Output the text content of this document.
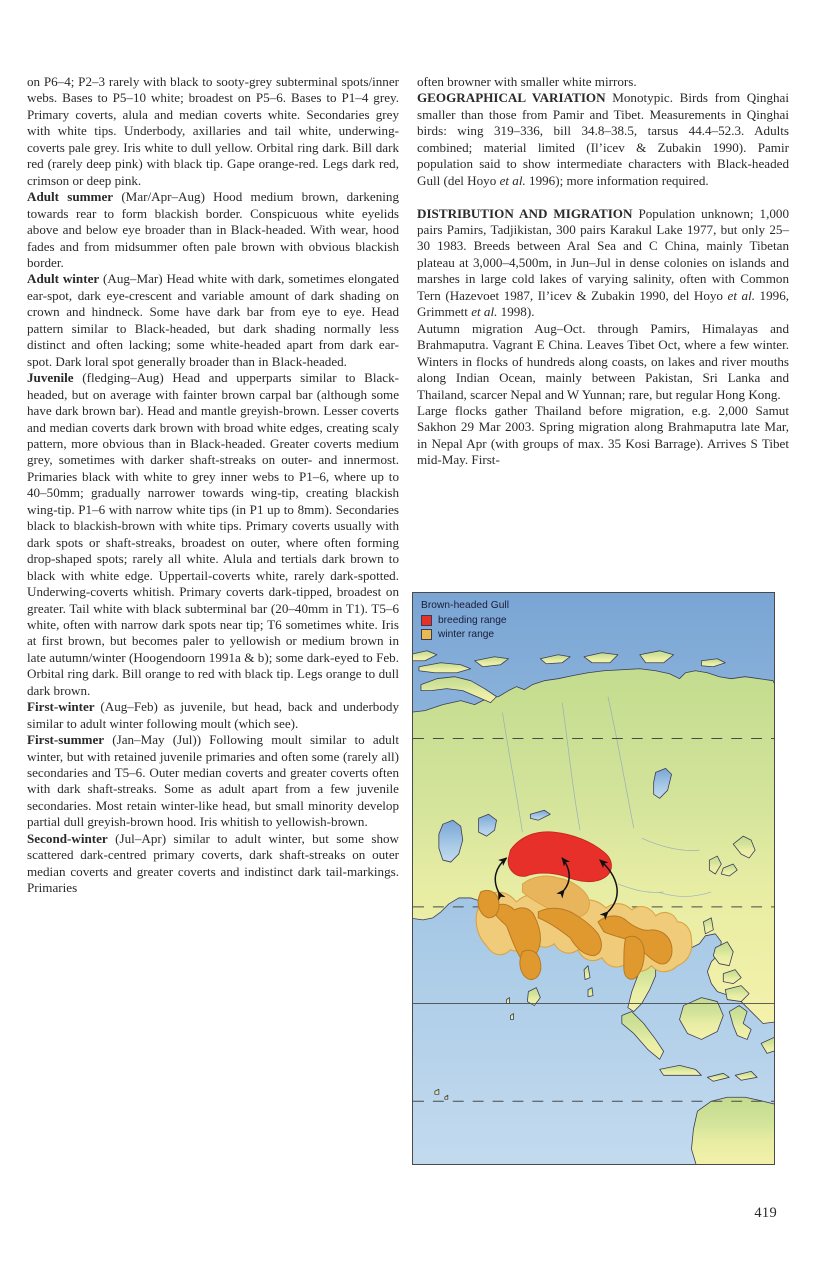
on P6–4; P2–3 rarely with black to sooty-grey subterminal spots/inner webs. Bases to P5–10 white; broadest on P5–6. Bases to P1–4 grey. Primary coverts, alula and median coverts white. Secondaries grey with white tips. Underbody, axillaries and tail white, underwing-coverts pale grey. Iris white to dull yellow. Orbital ring dark. Bill dark red (rarely deep pink) with black tip. Gape orange-red. Legs dark red, crimson or deep pink.

Adult summer (Mar/Apr–Aug) Hood medium brown, darkening towards rear to form blackish border. Conspicuous white eyelids above and below eye broader than in Black-headed. With wear, hood fades and from midsummer often pale brown with obvious blackish border.

Adult winter (Aug–Mar) Head white with dark, sometimes elongated ear-spot, dark eye-crescent and variable amount of dark shading on crown and hindneck. Some have dark bar from eye to eye. Head pattern similar to Black-headed, but dark shading normally less distinct and often lacking; some white-headed apart from dark ear-spot. Dark loral spot generally broader than in Black-headed.

Juvenile (fledging–Aug) Head and upperparts similar to Black-headed, but on average with fainter brown carpal bar (although some have dark brown bar). Head and mantle greyish-brown. Lesser coverts and median coverts dark brown with broad white edges, creating scaly pattern, more obvious than in Black-headed. Greater coverts medium grey, sometimes with darker shaft-streaks on outer- and innermost. Primaries black with white to grey inner webs to P1–6, where up to 40–50mm; gradually narrower towards wing-tip, creating blackish wing-tip. P1–6 with narrow white tips (in P1 up to 8mm). Secondaries black to blackish-brown with white tips. Primary coverts usually with dark spots or shaft-streaks, broadest on outer, where often forming drop-shaped spots; rarely all white. Alula and tertials dark brown to black with white edge. Uppertail-coverts white, rarely dark-spotted. Underwing-coverts whitish. Primary coverts dark-tipped, broadest on greater. Tail white with black subterminal bar (20–40mm in T1). T5–6 white, often with narrow dark spots near tip; T6 sometimes white. Iris at first brown, but becomes paler to yellowish or medium brown in late autumn/winter (Hoogendoorn 1991a & b); some dark-eyed to Feb. Orbital ring dark. Bill orange to red with black tip. Legs orange to dull dark brown.

First-winter (Aug–Feb) as juvenile, but head, back and underbody similar to adult winter following moult (which see).

First-summer (Jan–May (Jul)) Following moult similar to adult winter, but with retained juvenile primaries and often some (rarely all) secondaries and T5–6. Outer median coverts and greater coverts often with dark shaft-streaks. Some as adult apart from a few juvenile secondaries. Most retain winter-like head, but small minority develop partial dull greyish-brown hood. Iris whitish to yellowish-brown.

Second-winter (Jul–Apr) similar to adult winter, but some show scattered dark-centred primary coverts, dark shaft-streaks on outer median coverts and greater coverts and indistinct dark tail-markings. Primaries

often browner with smaller white mirrors.

GEOGRAPHICAL VARIATION Monotypic. Birds from Qinghai smaller than those from Pamir and Tibet. Measurements in Qinghai birds: wing 319–336, bill 34.8–38.5, tarsus 44.4–52.3. Adults combined; material limited (Il’icev & Zubakin 1990). Pamir population said to show intermediate characters with Black-headed Gull (del Hoyo et al. 1996); more information required.

DISTRIBUTION AND MIGRATION Population unknown; 1,000 pairs Pamirs, Tadjikistan, 300 pairs Karakul Lake 1977, but only 25–30 1983. Breeds between Aral Sea and C China, mainly Tibetan plateau at 3,000–4,500m, in Jun–Jul in dense colonies on islands and marshes in large cold lakes of varying salinity, often with Common Tern (Hazevoet 1987, Il’icev & Zubakin 1990, del Hoyo et al. 1996, Grimmett et al. 1998).

Autumn migration Aug–Oct. through Pamirs, Himalayas and Brahmaputra. Vagrant E China. Leaves Tibet Oct, where a few winter. Winters in flocks of hundreds along coasts, on lakes and river mouths along Indian Ocean, mainly between Pakistan, Sri Lanka and Thailand, scarcer Nepal and W Yunnan; rare, but regular Hong Kong.

Large flocks gather Thailand before migration, e.g. 2,000 Samut Sakhon 29 Mar 2003. Spring migration along Brahmaputra late Mar, in Nepal Apr (with groups of max. 35 Kosi Barrage). Arrives S Tibet mid-May. First-

Brown-headed Gull
breeding range
winter range
419
